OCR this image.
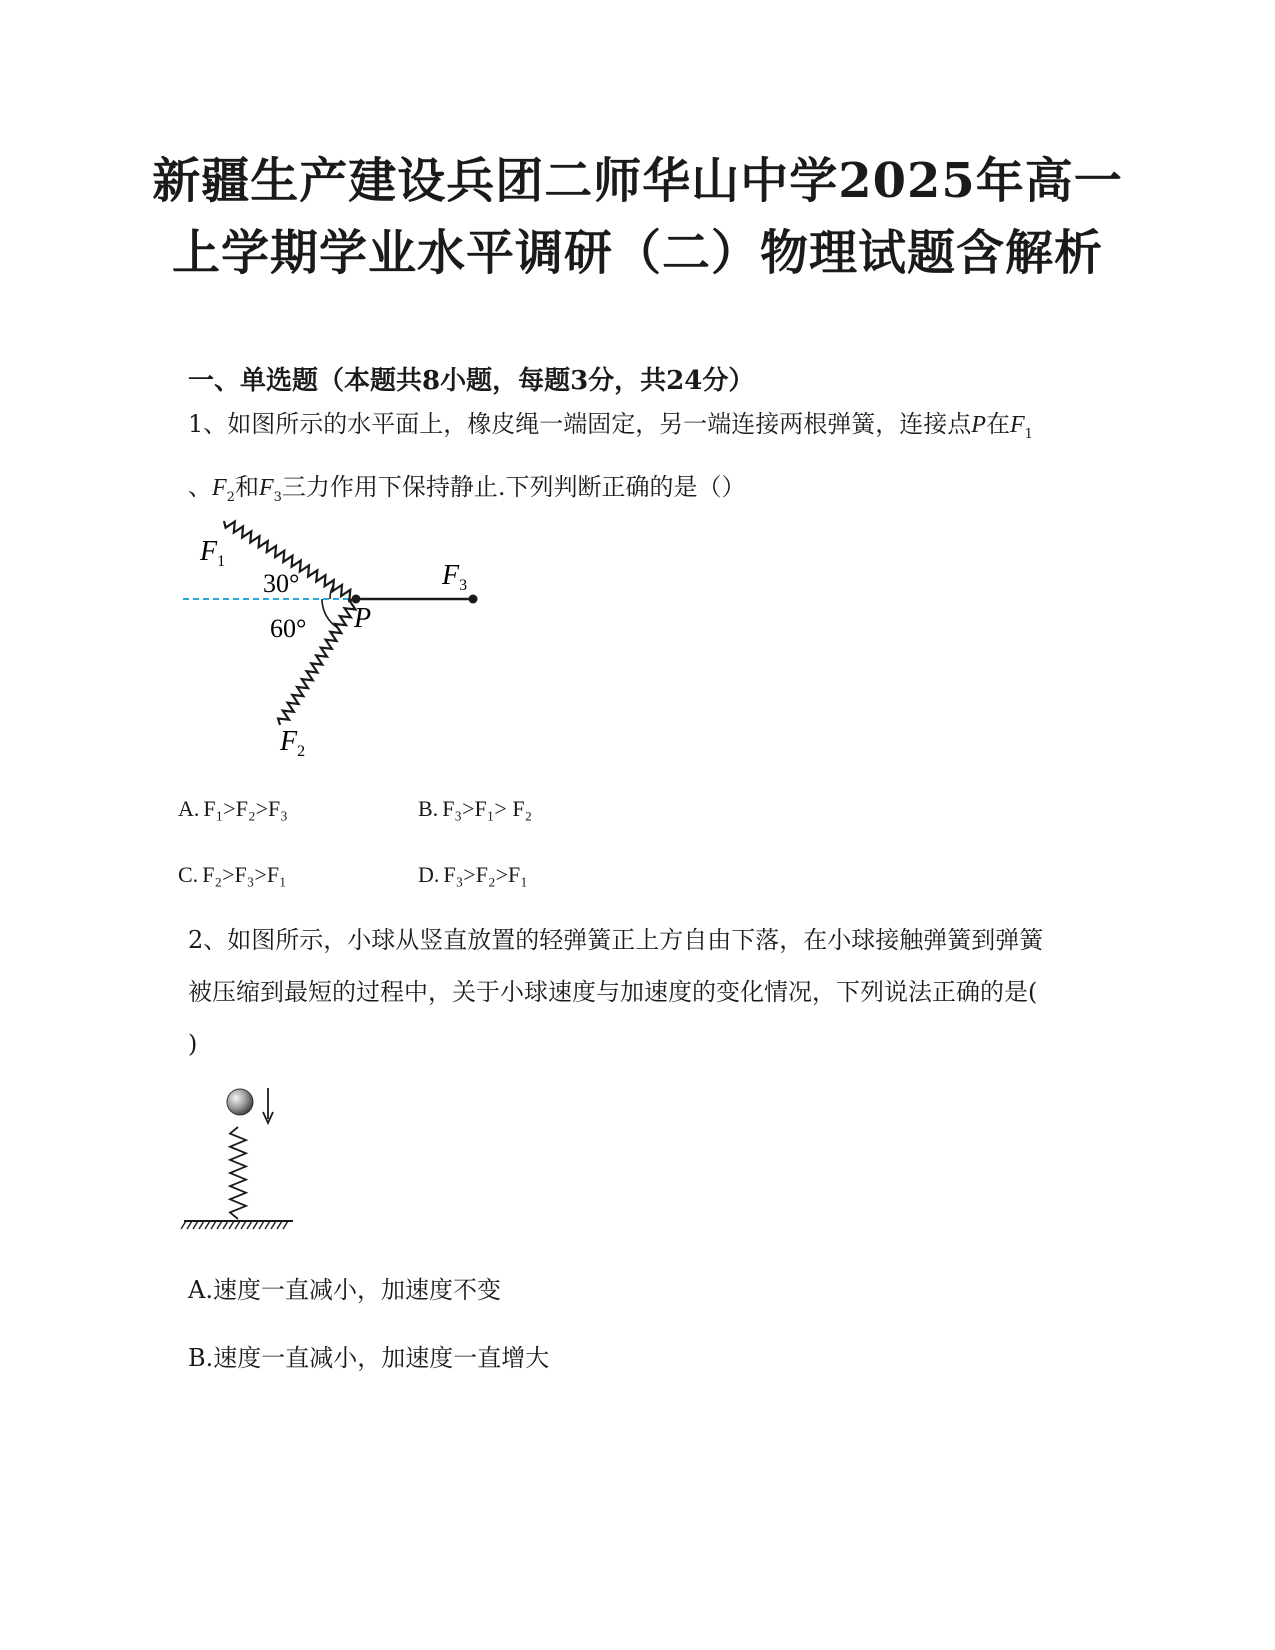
新疆生产建设兵团二师华山中学2025年高一
上学期学业水平调研（二）物理试题含解析
一、单选题（本题共8小题，每题3分，共24分）
1、如图所示的水平面上，橡皮绳一端固定，另一端连接两根弹簧，连接点P在$F_1$
、$F_2$和$F_3$三力作用下保持静止.下列判断正确的是（）
$F_1$
30°	$F_3$
P
60°
$F_2$
A. F₁>F₂>F₃	B. F₃>F₁> F₂
C. F₂>F₃>F₁	D. F₃>F₂>F₁
2、如图所示，小球从竖直放置的轻弹簧正上方自由下落，在小球接触弹簧到弹簧
被压缩到最短的过程中，关于小球速度与加速度的变化情况，下列说法正确的是(
)
A.速度一直减小，加速度不变
B.速度一直减小，加速度一直增大
